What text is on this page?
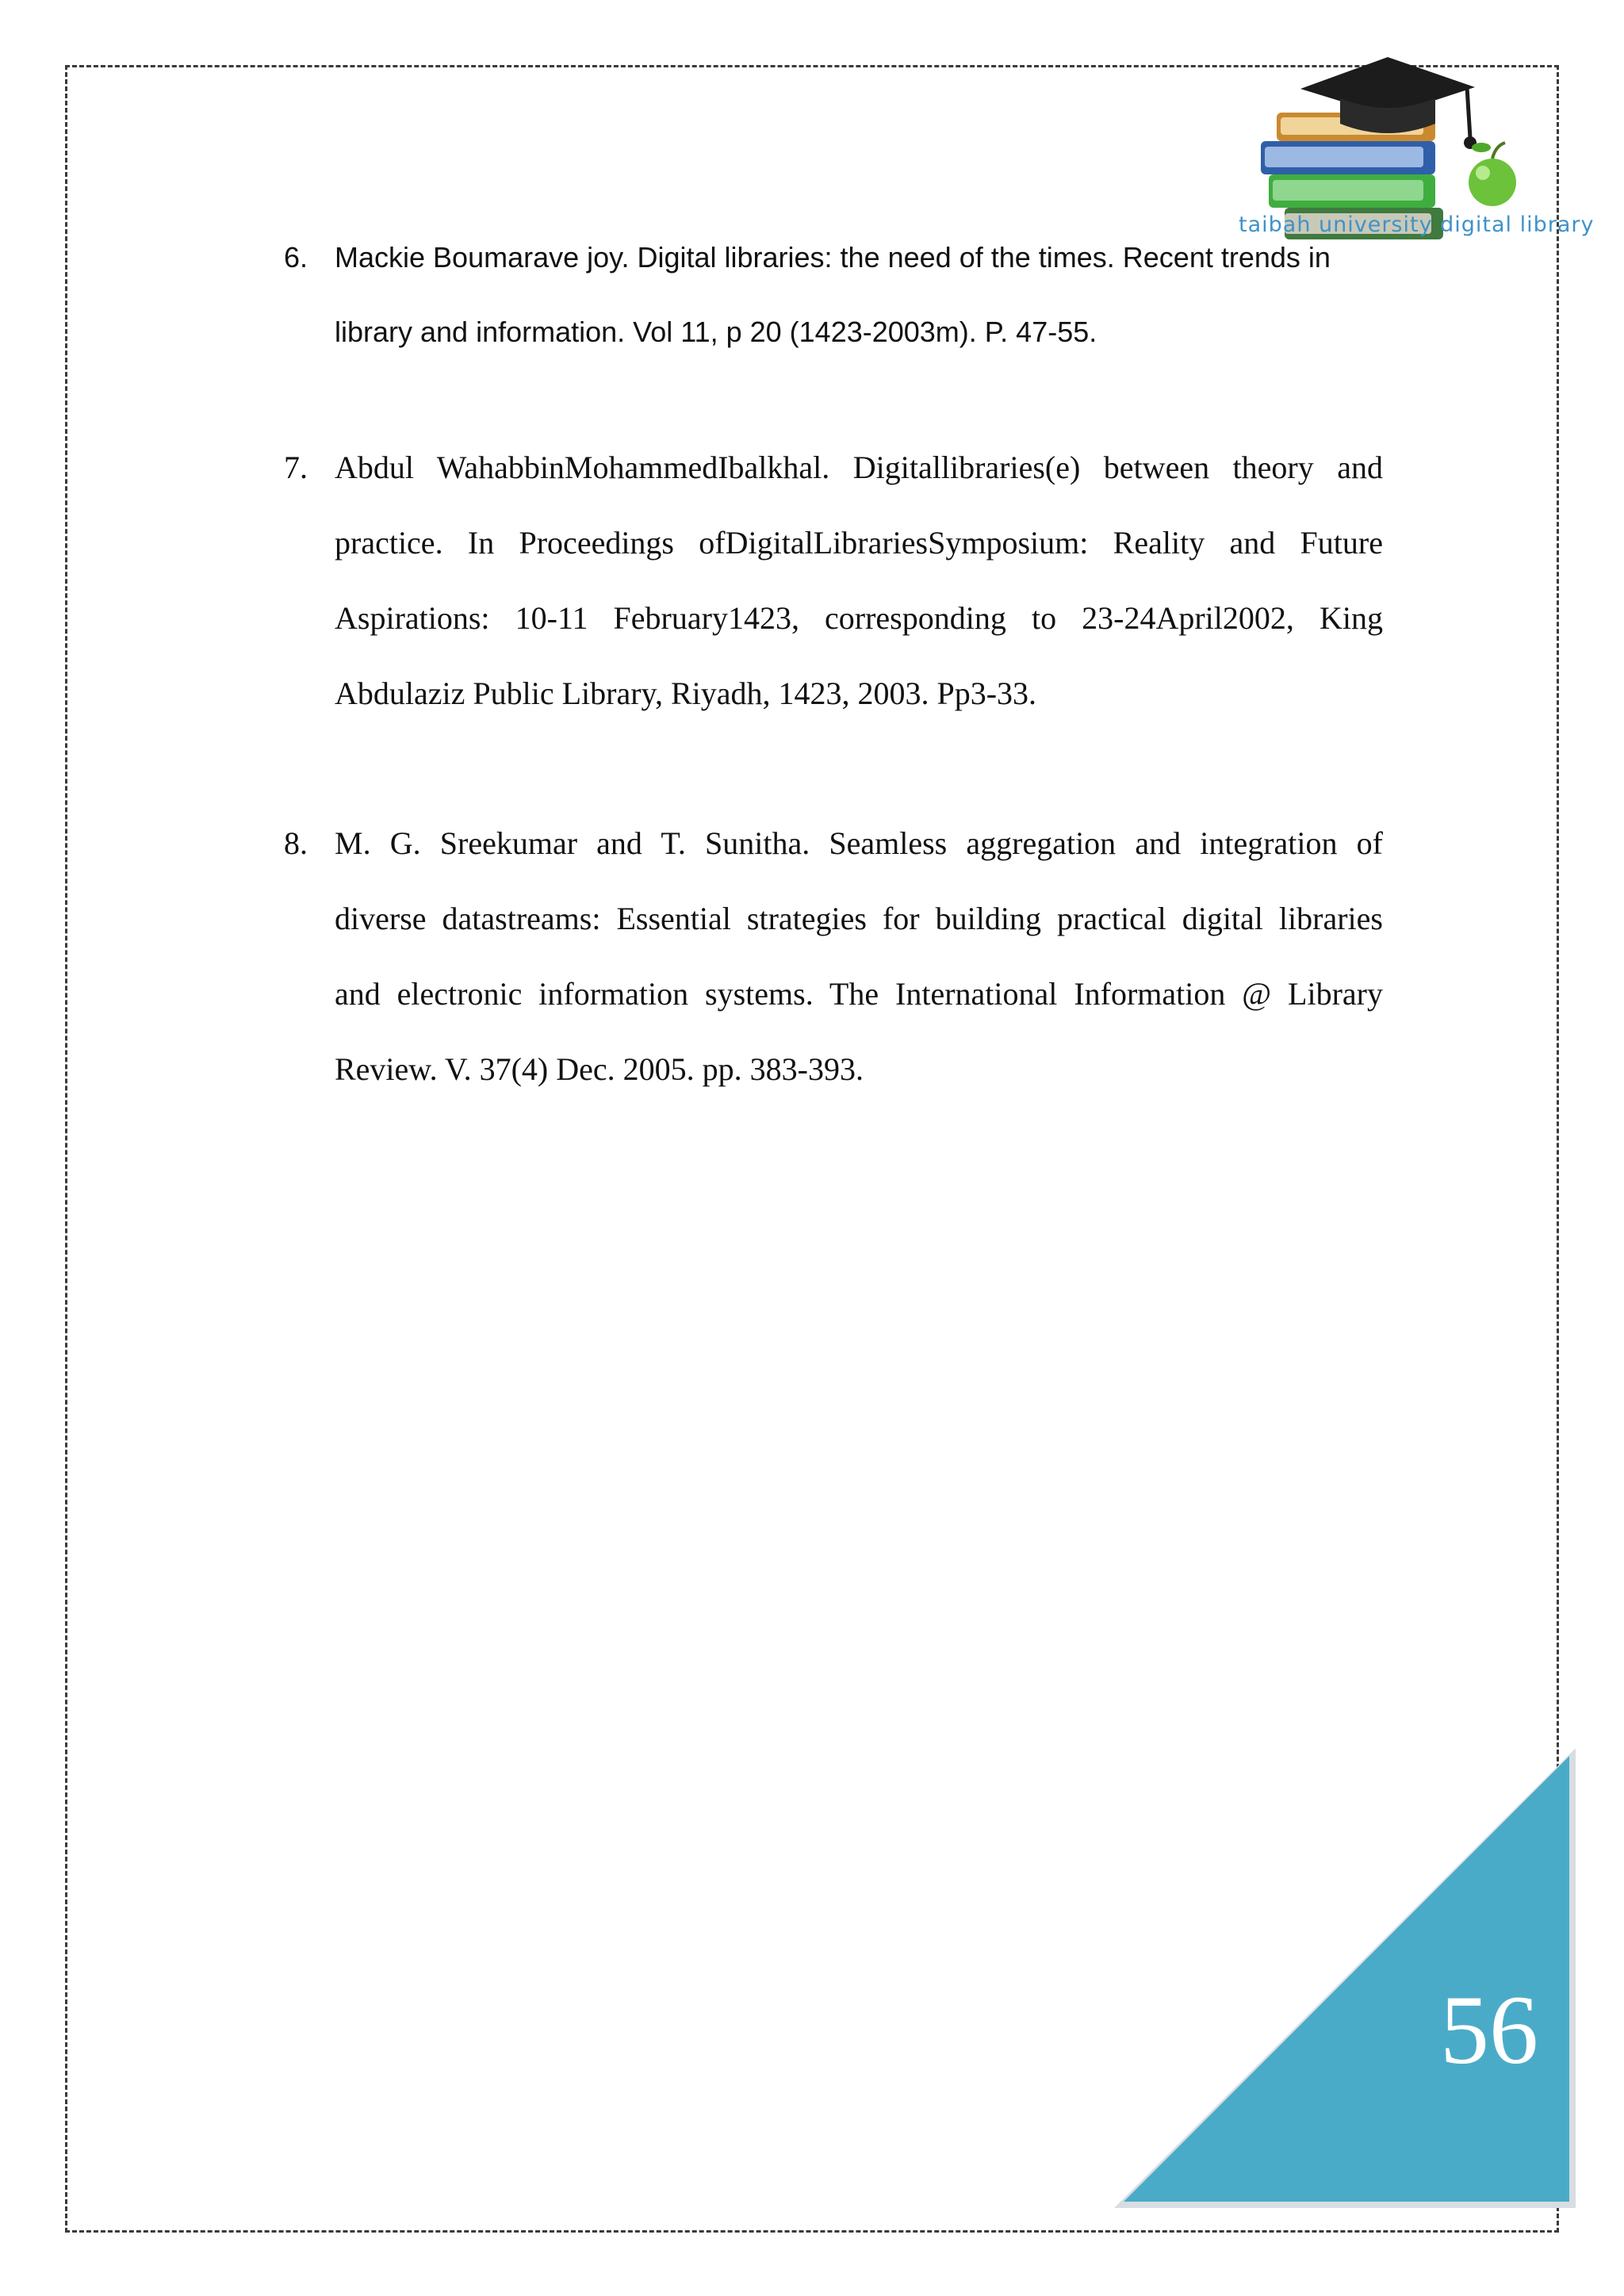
taibah university digital library
6. Mackie Boumarave joy. Digital libraries: the need of the times. Recent trends in
library and information. Vol 11, p 20 (1423-2003m). P. 47-55.
7. Abdul WahabbinMohammedIbalkhal. Digitallibraries(e) between theory and
practice. In Proceedings ofDigitalLibrariesSymposium: Reality and Future
Aspirations: 10-11 February1423, corresponding to 23-24April2002, King
Abdulaziz Public Library, Riyadh, 1423, 2003. Pp3-33.
8. M. G. Sreekumar and T. Sunitha. Seamless aggregation and integration of
diverse datastreams: Essential strategies for building practical digital libraries
and electronic information systems. The International Information @ Library
Review. V. 37(4) Dec. 2005. pp. 383-393.
56
